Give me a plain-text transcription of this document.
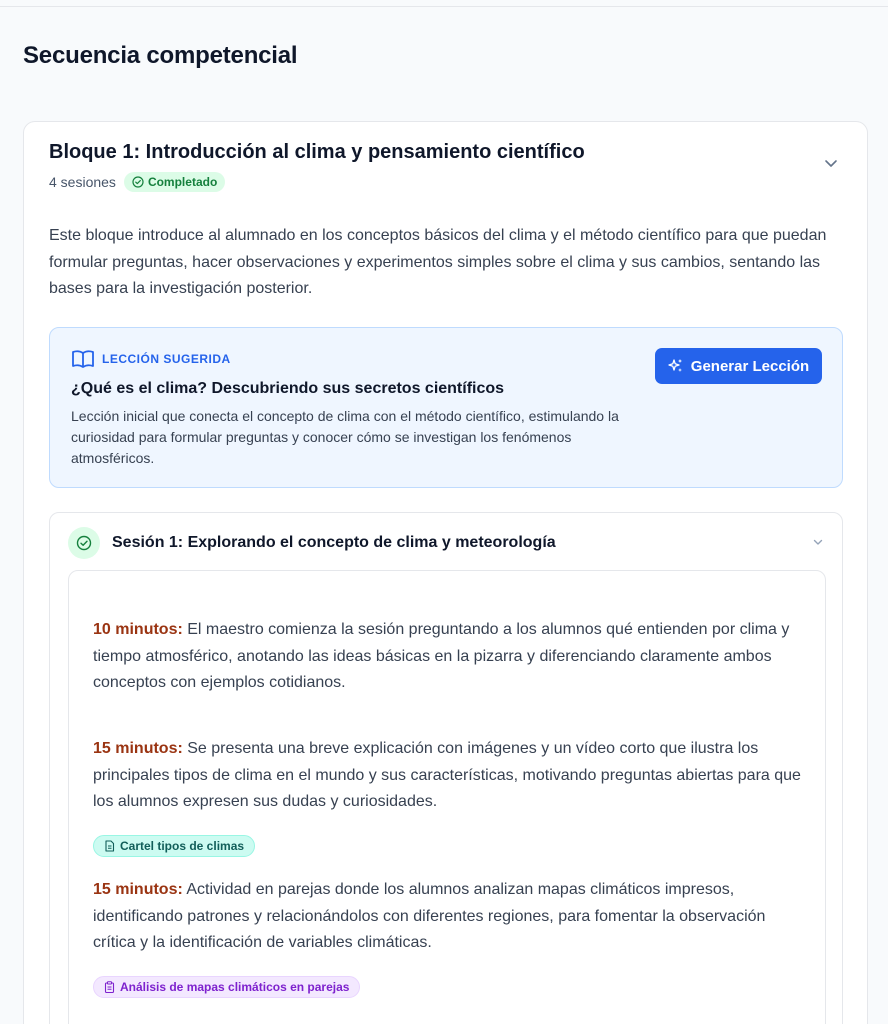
Secuencia competencial
Bloque 1: Introducción al clima y pensamiento científico
4 sesiones	Completado

Este bloque introduce al alumnado en los conceptos básicos del clima y el método científico para que puedan formular preguntas, hacer observaciones y experimentos simples sobre el clima y sus cambios, sentando las bases para la investigación posterior.

LECCIÓN SUGERIDA
¿Qué es el clima? Descubriendo sus secretos científicos

Lección inicial que conecta el concepto de clima con el método científico, estimulando la curiosidad para formular preguntas y conocer cómo se investigan los fenómenos atmosféricos.

Generar Lección
Sesión 1: Explorando el concepto de clima y meteorología

10 minutos: El maestro comienza la sesión preguntando a los alumnos qué entienden por clima y tiempo atmosférico, anotando las ideas básicas en la pizarra y diferenciando claramente ambos conceptos con ejemplos cotidianos.

15 minutos: Se presenta una breve explicación con imágenes y un vídeo corto que ilustra los principales tipos de clima en el mundo y sus características, motivando preguntas abiertas para que los alumnos expresen sus dudas y curiosidades.

Cartel tipos de climas

15 minutos: Actividad en parejas donde los alumnos analizan mapas climáticos impresos, identificando patrones y relacionándolos con diferentes regiones, para fomentar la observación crítica y la identificación de variables climáticas.

Análisis de mapas climáticos en parejas
